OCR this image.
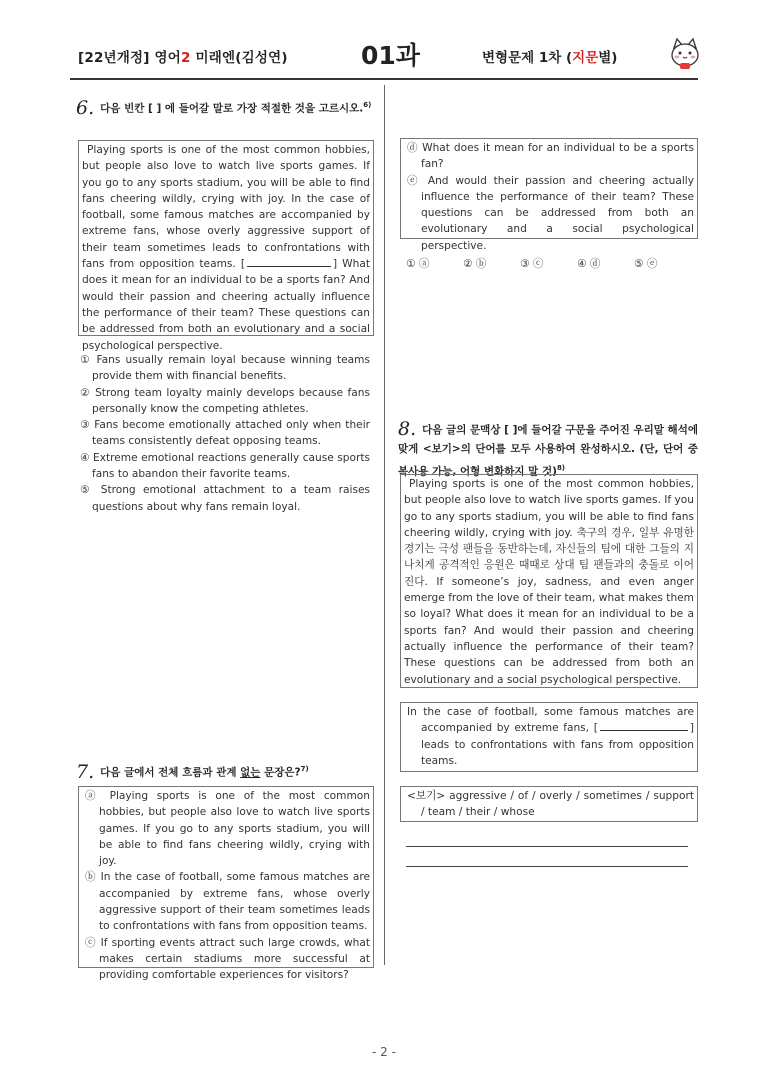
[22년개정] 영어2 미래엔(김성연)	01과	변형문제 1차 (지문별)
6. 다음 빈칸 [ ] 에 들어갈 말로 가장 적절한 것을 고르시오.$^{6)}$

Playing sports is one of the most common hobbies, but people also love to watch live sports games. If you go to any sports stadium, you will be able to find fans cheering wildly, crying with joy. In the case of football, some famous matches are accompanied by extreme fans, whose overly aggressive support of their team sometimes leads to confrontations with fans from opposition teams. [	] What does it mean for an individual to be a sports fan? And would their passion and cheering actually influence the performance of their team? These questions can be addressed from both an evolutionary and a social psychological perspective.

① Fans usually remain loyal because winning teams provide them with financial benefits.
② Strong team loyalty mainly develops because fans personally know the competing athletes.
③ Fans become emotionally attached only when their teams consistently defeat opposing teams.
④ Extreme emotional reactions generally cause sports fans to abandon their favorite teams.
⑤ Strong emotional attachment to a team raises questions about why fans remain loyal.
7. 다음 글에서 전체 흐름과 관계 없는 문장은?$^{7)}$

ⓐ Playing sports is one of the most common hobbies, but people also love to watch live sports games. If you go to any sports stadium, you will be able to find fans cheering wildly, crying with joy.

ⓑ In the case of football, some famous matches are accompanied by extreme fans, whose overly aggressive support of their team sometimes leads to confrontations with fans from opposition teams.

ⓒ If sporting events attract such large crowds, what makes certain stadiums more successful at providing comfortable experiences for visitors?

ⓓ What does it mean for an individual to be a sports fan?

ⓔ And would their passion and cheering actually influence the performance of their team? These questions can be addressed from both an evolutionary and a social psychological perspective.

① ⓐ	② ⓑ	③ ⓒ	④ ⓓ	⑤ ⓔ
8. 다음 글의 문맥상 [ ]에 들어갈 구문을 주어진 우리말 해석에 맞게 <보기>의 단어를 모두 사용하여 완성하시오. (단, 단어 중복사용 가능, 어형 변화하지 말 것)$^{8)}$

Playing sports is one of the most common hobbies, but people also love to watch live sports games. If you go to any sports stadium, you will be able to find fans cheering wildly, crying with joy. 축구의 경우, 일부 유명한 경기는 극성 팬들을 동반하는데, 자신들의 팀에 대한 그들의 지나치게 공격적인 응원은 때때로 상대 팀 팬들과의 충돌로 이어진다. If someone’s joy, sadness, and even anger emerge from the love of their team, what makes them so loyal? What does it mean for an individual to be a sports fan? And would their passion and cheering actually influence the performance of their team? These questions can be addressed from both an evolutionary and a social psychological perspective.

In the case of football, some famous matches are accompanied by extreme fans, [	] leads to confrontations with fans from opposition teams.

<보기> aggressive / of / overly / sometimes / support / team / their / whose

- 2 -
